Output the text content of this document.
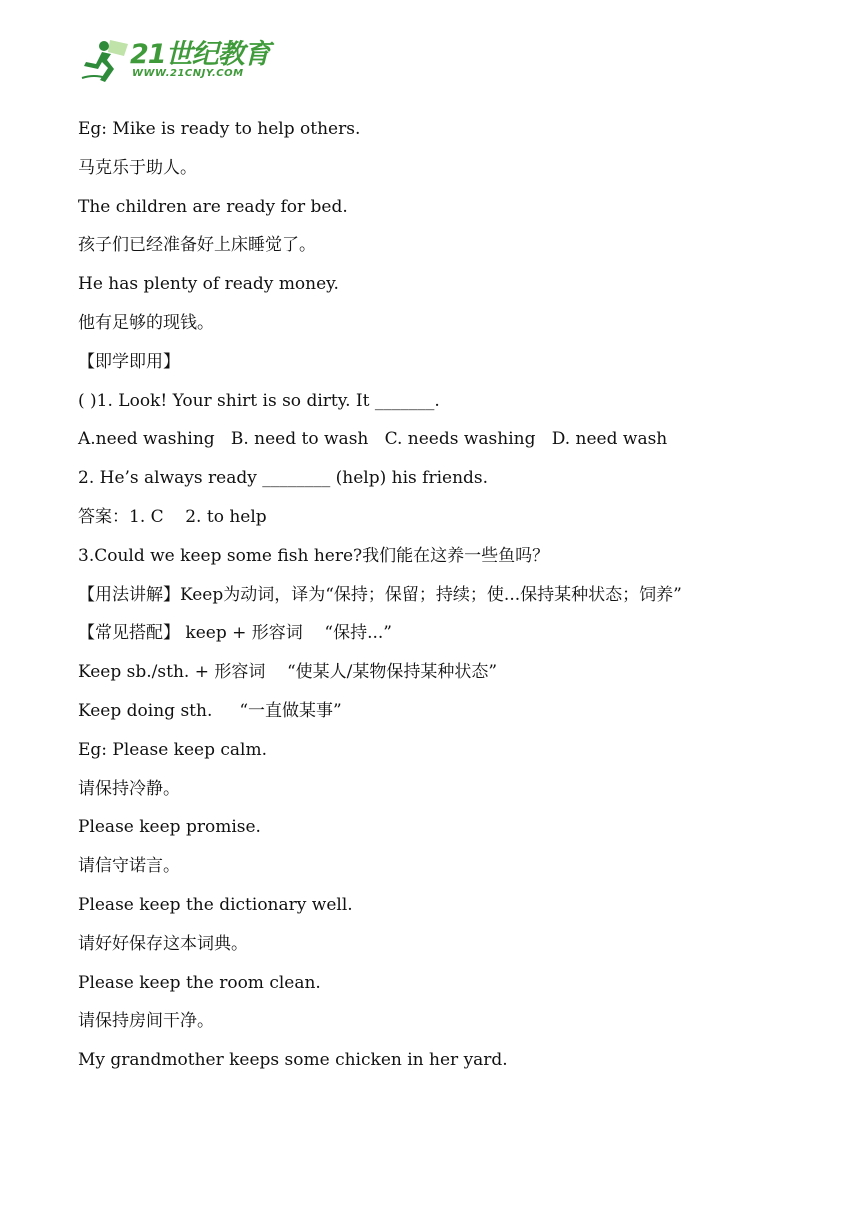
21世纪教育
WWW.21CNJY.COM

Eg: Mike is ready to help others.

马克乐于助人。

The children are ready for bed.

孩子们已经准备好上床睡觉了。

He has plenty of ready money.

他有足够的现钱。

【即学即用】

( )1. Look! Your shirt is so dirty. It _______.

A.need washing   B. need to wash   C. needs washing   D. need wash

2. He’s always ready ________ (help) his friends.

答案：1. C    2. to help

3.Could we keep some fish here?我们能在这养一些鱼吗？

【用法讲解】Keep为动词，译为“保持；保留；持续；使...保持某种状态；饲养”

【常见搭配】 keep + 形容词    “保持...”

Keep sb./sth. + 形容词    “使某人/某物保持某种状态”

Keep doing sth.     “一直做某事”

Eg: Please keep calm.

请保持冷静。

Please keep promise.

请信守诺言。

Please keep the dictionary well.

请好好保存这本词典。

Please keep the room clean.

请保持房间干净。

My grandmother keeps some chicken in her yard.
